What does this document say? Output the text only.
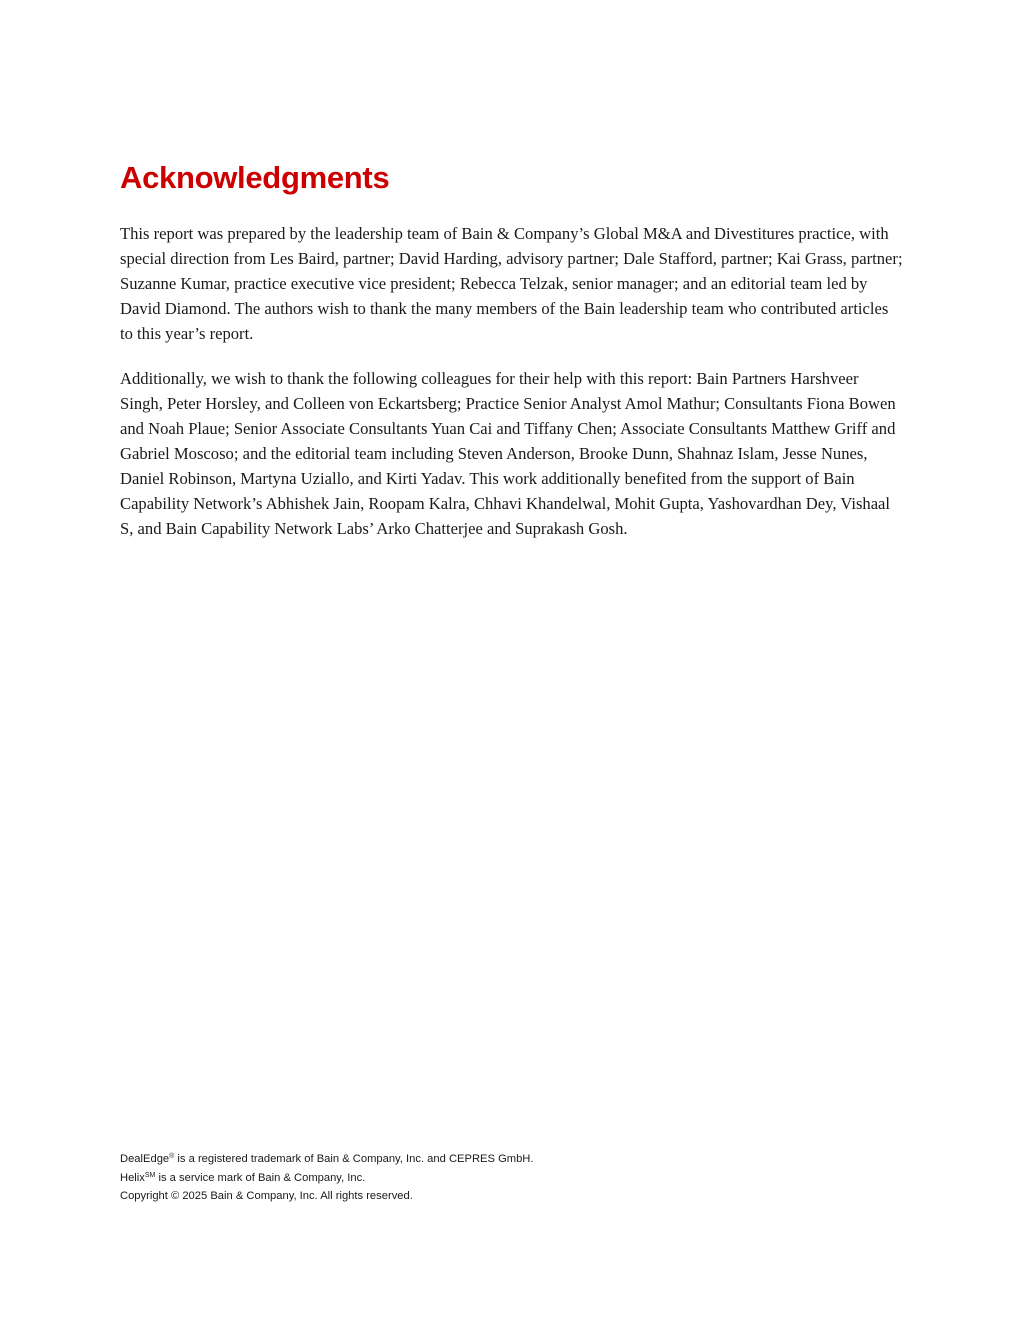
Acknowledgments

This report was prepared by the leadership team of Bain & Company’s Global M&A and Divestitures practice, with special direction from Les Baird, partner; David Harding, advisory partner; Dale Stafford, partner; Kai Grass, partner; Suzanne Kumar, practice executive vice president; Rebecca Telzak, senior manager; and an editorial team led by David Diamond. The authors wish to thank the many members of the Bain leadership team who contributed articles to this year’s report.

Additionally, we wish to thank the following colleagues for their help with this report: Bain Partners Harshveer Singh, Peter Horsley, and Colleen von Eckartsberg; Practice Senior Analyst Amol Mathur; Consultants Fiona Bowen and Noah Plaue; Senior Associate Consultants Yuan Cai and Tiffany Chen; Associate Consultants Matthew Griff and Gabriel Moscoso; and the editorial team including Steven Anderson, Brooke Dunn, Shahnaz Islam, Jesse Nunes, Daniel Robinson, Martyna Uziallo, and Kirti Yadav. This work additionally benefited from the support of Bain Capability Network’s Abhishek Jain, Roopam Kalra, Chhavi Khandelwal, Mohit Gupta, Yashovardhan Dey, Vishaal S, and Bain Capability Network Labs’ Arko Chatterjee and Suprakash Gosh.

DealEdge® is a registered trademark of Bain & Company, Inc. and CEPRES GmbH.

Helix℠ is a service mark of Bain & Company, Inc.

Copyright © 2025 Bain & Company, Inc. All rights reserved.
